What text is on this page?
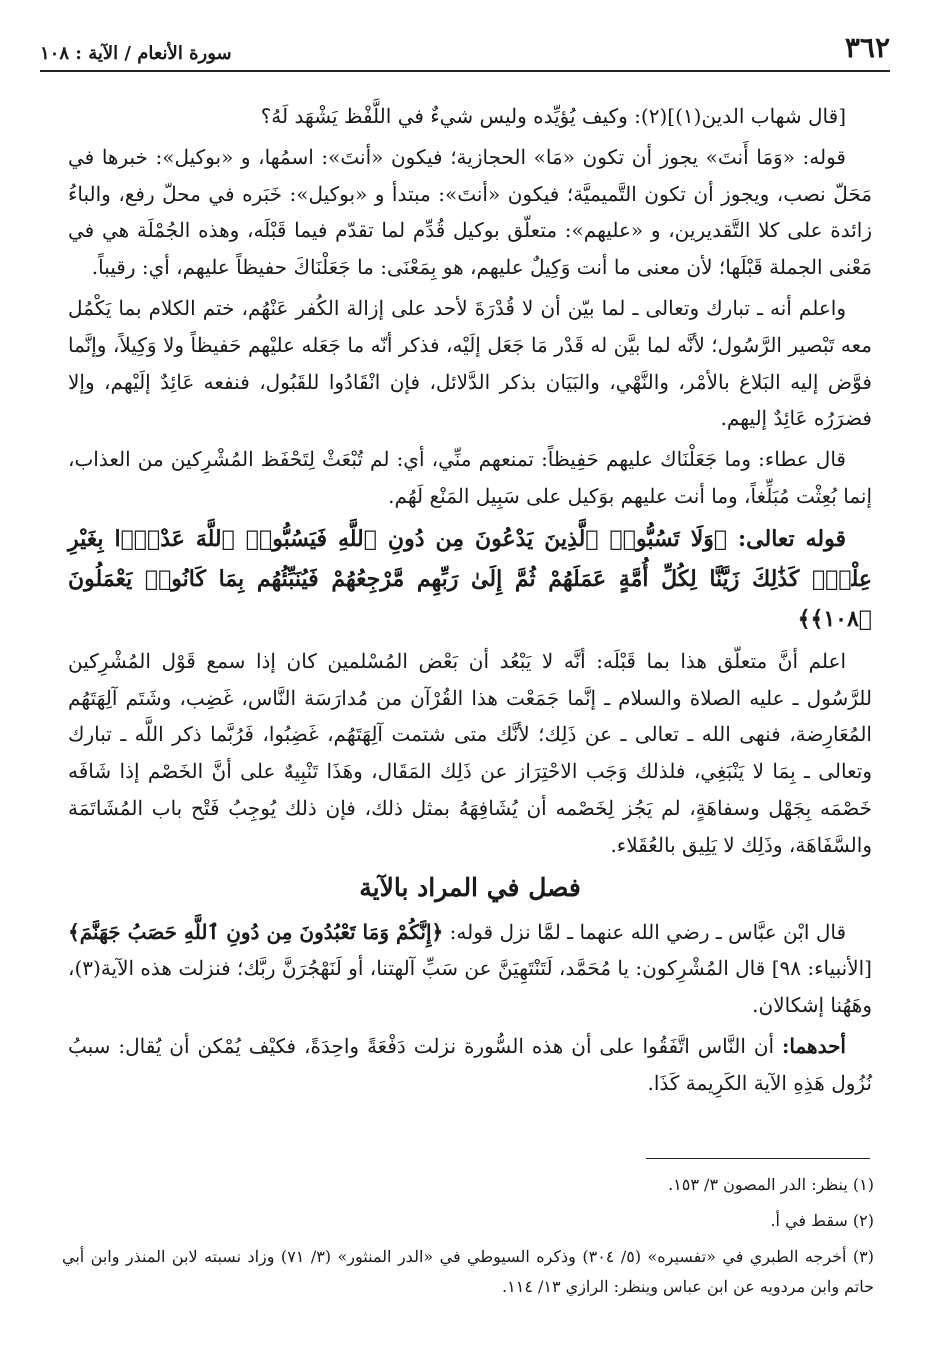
٣٦٢
سورة الأنعام / الآية : ١٠٨

[قال شهاب الدين(١)](٢): وكيف يُؤيِّده وليس شيءٌ في اللَّفْظ يَشْهَد لَهُ؟

قوله: «وَمَا أَنتَ» يجوز أن تكون «مَا» الحجازية؛ فيكون «أنتَ»: اسمُها، و «بوكيل»: خبرها في مَحَلّ نصب، ويجوز أن تكون التَّميميَّة؛ فيكون «أنتَ»: مبتدأ و «بوكيل»: خَبَره في محلّ رفع، والباءُ زائدة على كلا التَّقديرين، و «عليهم»: متعلّق بوكيل قُدِّم لما تقدّم فيما قَبْلَه، وهذه الجُمْلَة هي في مَعْنى الجملة قَبْلَها؛ لأن معنى ما أنت وَكِيلٌ عليهم، هو بِمَعْنَى: ما جَعَلْنَاكَ حفيظاً عليهم، أي: رقيباً.

واعلم أنه ـ تبارك وتعالى ـ لما بيّن أن لا قُدْرَةَ لأحد على إزالة الكُفر عَنْهُم، ختم الكلام بما يَكْمُل معه تَبْصير الرَّسُول؛ لأنَّه لما بيَّن له قَدْر مَا جَعَل إلَيْه، فذكر أنّه ما جَعَله عليْهم حَفيظاً ولا وَكِيلاً، وإنَّما فوَّض إليه البَلاغ بالأمْر، والنَّهْي، والبَيَان بذكر الدَّلائل، فإن انْقَادُوا للقَبُول، فنفعه عَائِدٌ إلَيْهم، وإلا فضرَرُه عَائِدٌ إليهم.

قال عطاء: وما جَعَلْنَاك عليهم حَفِيظاً: تمنعهم منِّي، أي: لم تُبْعَثْ لِتَحْفَظ المُشْرِكين من العذاب، إنما بُعِثْت مُبَلِّغاً، وما أنت عليهم بوَكيل على سَبِيل المَنْع لَهُم.

قوله تعالى: ﴿وَلَا تَسُبُّوا۟ ٱلَّذِينَ يَدْعُونَ مِن دُونِ ٱللَّهِ فَيَسُبُّوا۟ ٱللَّهَ عَدْوًۢا بِغَيْرِ عِلْمٍۢ كَذَٰلِكَ زَيَّنَّا لِكُلِّ أُمَّةٍ عَمَلَهُمْ ثُمَّ إِلَىٰ رَبِّهِم مَّرْجِعُهُمْ فَيُنَبِّئُهُم بِمَا كَانُوا۟ يَعْمَلُونَ ﴿١٠٨﴾﴾

اعلم أنَّ متعلّق هذا بما قَبْلَه: أنَّه لا يَبْعُد أن بَعْض المُسْلمين كان إذا سمع قَوْل المُشْرِكين للرَّسُول ـ عليه الصلاة والسلام ـ إنَّما جَمَعْت هذا القُرْآن من مُدارَسَة النَّاس، غَضِب، وشَتَم آلِهَتَهُم المُعَارِضة، فنهى الله ـ تعالى ـ عن ذَلِك؛ لأنَّك متى شتمت آلِهَتَهُم، غَضِبُوا، فَرُبَّما ذكر اللَّه ـ تبارك وتعالى ـ بِمَا لا يَنْبَغِي، فلذلك وَجَب الاحْتِرَاز عن ذَلِك المَقَال، وهَذَا تَنْبِيهٌ على أنَّ الخَصْم إذا شَافَه خَصْمَه بِجَهْل وسفاهَةٍ، لم يَجُز لِخَصْمه أن يُشَافِهَهُ بمثل ذلك، فإن ذلك يُوجِبُ فَتْح باب المُشَاتَمَة والسَّفَاهَة، وذَلِك لا يَلِيق بالعُقَلاء.

فصل في المراد بالآية

قال ابْن عبَّاس ـ رضي الله عنهما ـ لمَّا نزل قوله: ﴿إِنَّكُمْ وَمَا تَعْبُدُونَ مِن دُونِ ٱللَّهِ حَصَبُ جَهَنَّمَ﴾ [الأنبياء: ٩٨] قال المُشْرِكون: يا مُحَمَّد، لَتَنْتَهِيَنَّ عن سَبِّ آلهتنا، أو لَنَهْجُرَنَّ ربَّك؛ فنزلت هذه الآية(٣)، وهَهُنا إشكالان.

أحدهما: أن النَّاس اتَّفَقُوا على أن هذه السُّورة نزلت دَفْعَةً واحِدَةً، فكيْف يُمْكن أن يُقال: سببُ نُزُول هَذِهِ الآية الكَرِيمة كَذَا.

(١) ينظر: الدر المصون ٣/ ١٥٣.

(٢) سقط في أ.

(٣) أخرجه الطبري في «تفسيره» (٥/ ٣٠٤) وذكره السيوطي في «الدر المنثور» (٣/ ٧١) وزاد نسبته لابن المنذر وابن أبي حاتم وابن مردويه عن ابن عباس وينظر: الرازي ١٣/ ١١٤.
